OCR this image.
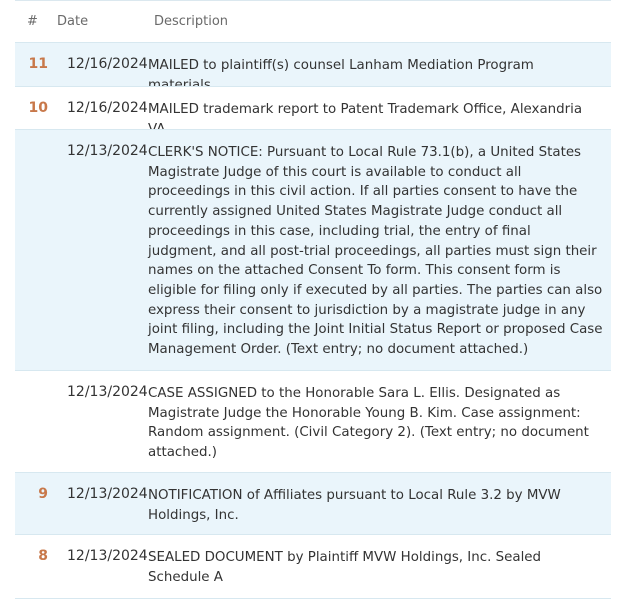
# Date	Description
11 12/16/2024 MAILED to plaintiff(s) counsel Lanham Mediation Program
10 12/16/2024 MAILED trademark report to Patent Trademark Office, Alexandria
12/13/2024 CLERK'S NOTICE: Pursuant to Local Rule 73.1(b), a United States Magistrate Judge of this court is available to conduct all proceedings in this civil action. If all parties consent to have the currently assigned United States Magistrate Judge conduct all proceedings in this case, including trial, the entry of final judgment, and all post-trial proceedings, all parties must sign their names on the attached Consent To form. This consent form is eligible for filing only if executed by all parties. The parties can also express their consent to jurisdiction by a magistrate judge in any joint filing, including the Joint Initial Status Report or proposed Case Management Order. (Text entry; no document attached.)
12/13/2024 CASE ASSIGNED to the Honorable Sara L. Ellis. Designated as Magistrate Judge the Honorable Young B. Kim. Case assignment: Random assignment. (Civil Category 2). (Text entry; no document attached.)
9 12/13/2024 NOTIFICATION of Affiliates pursuant to Local Rule 3.2 by MVW Holdings, Inc.
8 12/13/2024 SEALED DOCUMENT by Plaintiff MVW Holdings, Inc. Sealed Schedule A
